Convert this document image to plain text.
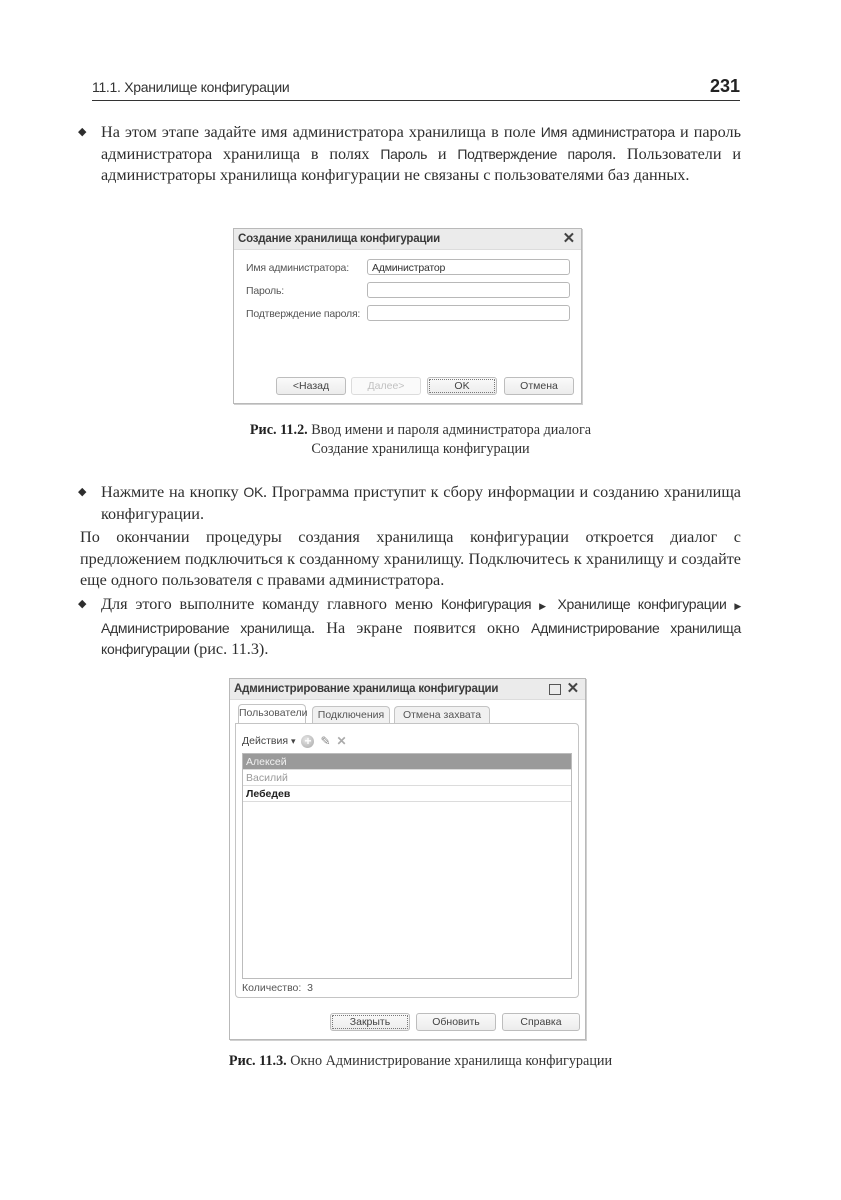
11.1. Хранилище конфигурации	231
◆ На этом этапе задайте имя администратора хранилища в поле Имя администратора и пароль администратора хранилища в полях Пароль и Подтверждение пароля. Пользователи и администраторы хранилища конфигурации не связаны с пользователями баз данных.
Создание хранилища конфигурации	✕
Имя администратора:	Администратор
Пароль:
Подтверждение пароля:
<Назад	Далее>	OK	Отмена
Рис. 11.2. Ввод имени и пароля администратора диалога
Создание хранилища конфигурации
◆ Нажмите на кнопку OK. Программа приступит к сбору информации и созданию хранилища конфигурации.
По окончании процедуры создания хранилища конфигурации откроется диалог с предложением подключиться к созданному хранилищу. Подключитесь к хранилищу и создайте еще одного пользователя с правами администратора.
◆ Для этого выполните команду главного меню Конфигурация ▶ Хранилище конфигурации ▶ Администрирование хранилища. На экране появится окно Администрирование хранилища конфигурации (рис. 11.3).
Администрирование хранилища конфигурации	✕
Пользователи Подключения	Отмена захвата
Действия ▾ + ✎ ✕
Алексей
Василий
Лебедев
Количество: 3
Закрыть	Обновить	Справка
Рис. 11.3. Окно Администрирование хранилища конфигурации
